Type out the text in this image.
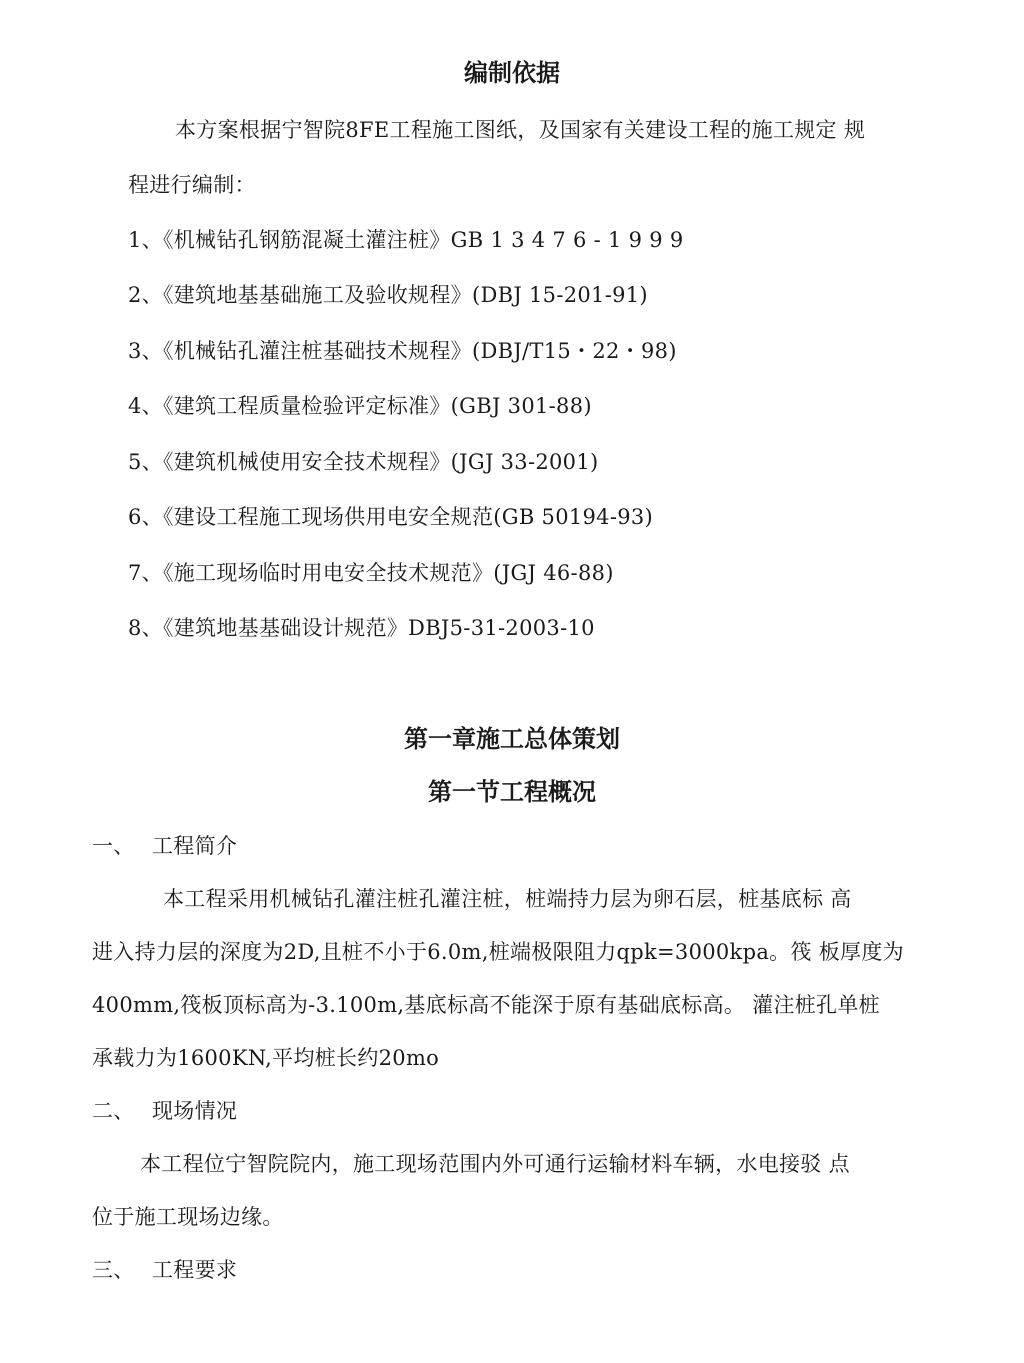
编制依据
本方案根据宁智院8FE工程施工图纸，及国家有关建设工程的施工规定 规
程进行编制：
1、《机械钻孔钢筋混凝土灌注桩》GB 1 3 4 7 6 - 1 9 9 9
2、《建筑地基基础施工及验收规程》(DBJ 15-201-91)
3、《机械钻孔灌注桩基础技术规程》(DBJ/T15・22・98)
4、《建筑工程质量检验评定标准》(GBJ 301-88)
5、《建筑机械使用安全技术规程》(JGJ 33-2001)
6、《建设工程施工现场供用电安全规范(GB 50194-93)
7、《施工现场临时用电安全技术规范》(JGJ 46-88)
8、《建筑地基基础设计规范》DBJ5-31-2003-10
第一章施工总体策划
第一节工程概况
一、 工程简介
本工程采用机械钻孔灌注桩孔灌注桩，桩端持力层为卵石层，桩基底标 高
进入持力层的深度为2D,且桩不小于6.0m,桩端极限阻力qpk=3000kpa。筏 板厚度为
400mm,筏板顶标高为-3.100m,基底标高不能深于原有基础底标高。 灌注桩孔单桩
承载力为1600KN,平均桩长约20mo
二、 现场情况
本工程位宁智院院内，施工现场范围内外可通行运输材料车辆，水电接驳 点
位于施工现场边缘。
三、 工程要求
